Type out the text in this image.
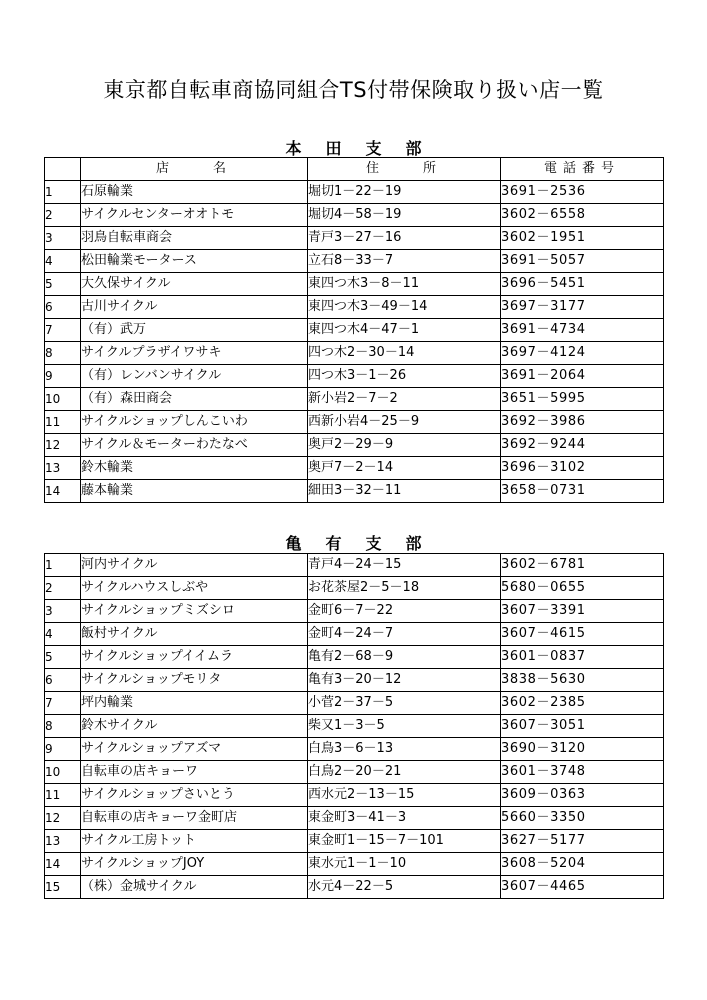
東京都自転車商協同組合TS付帯保険取り扱い店一覧
本田支部
	店　　名	住　　所	電話番号
1	石原輪業	堀切1－22－19	3691－2536
2	サイクルセンターオオトモ	堀切4－58－19	3602－6558
3	羽鳥自転車商会	青戸3－27－16	3602－1951
4	松田輪業モータース	立石8－33－7	3691－5057
5	大久保サイクル	東四つ木3－8－11	3696－5451
6	古川サイクル	東四つ木3－49－14	3697－3177
7	（有）武万	東四つ木4－47－1	3691－4734
8	サイクルプラザイワサキ	四つ木2－30－14	3697－4124
9	（有）レンバンサイクル	四つ木3－1－26	3691－2064
10	（有）森田商会	新小岩2－7－2	3651－5995
11	サイクルショップしんこいわ	西新小岩4－25－9	3692－3986
12	サイクル＆モーターわたなべ	奥戸2－29－9	3692－9244
13	鈴木輪業	奥戸7－2－14	3696－3102
14	藤本輪業	細田3－32－11	3658－0731
亀有支部
1	河内サイクル	青戸4－24－15	3602－6781
2	サイクルハウスしぶや	お花茶屋2－5－18	5680－0655
3	サイクルショップミズシロ	金町6－7－22	3607－3391
4	飯村サイクル	金町4－24－7	3607－4615
5	サイクルショップイイムラ	亀有2－68－9	3601－0837
6	サイクルショップモリタ	亀有3－20－12	3838－5630
7	坪内輪業	小菅2－37－5	3602－2385
8	鈴木サイクル	柴又1－3－5	3607－3051
9	サイクルショップアズマ	白鳥3－6－13	3690－3120
10	自転車の店キョーワ	白鳥2－20－21	3601－3748
11	サイクルショップさいとう	西水元2－13－15	3609－0363
12	自転車の店キョーワ金町店	東金町3－41－3	5660－3350
13	サイクル工房トット	東金町1－15－7－101	3627－5177
14	サイクルショップJOY	東水元1－1－10	3608－5204
15	（株）金城サイクル	水元4－22－5	3607－4465
